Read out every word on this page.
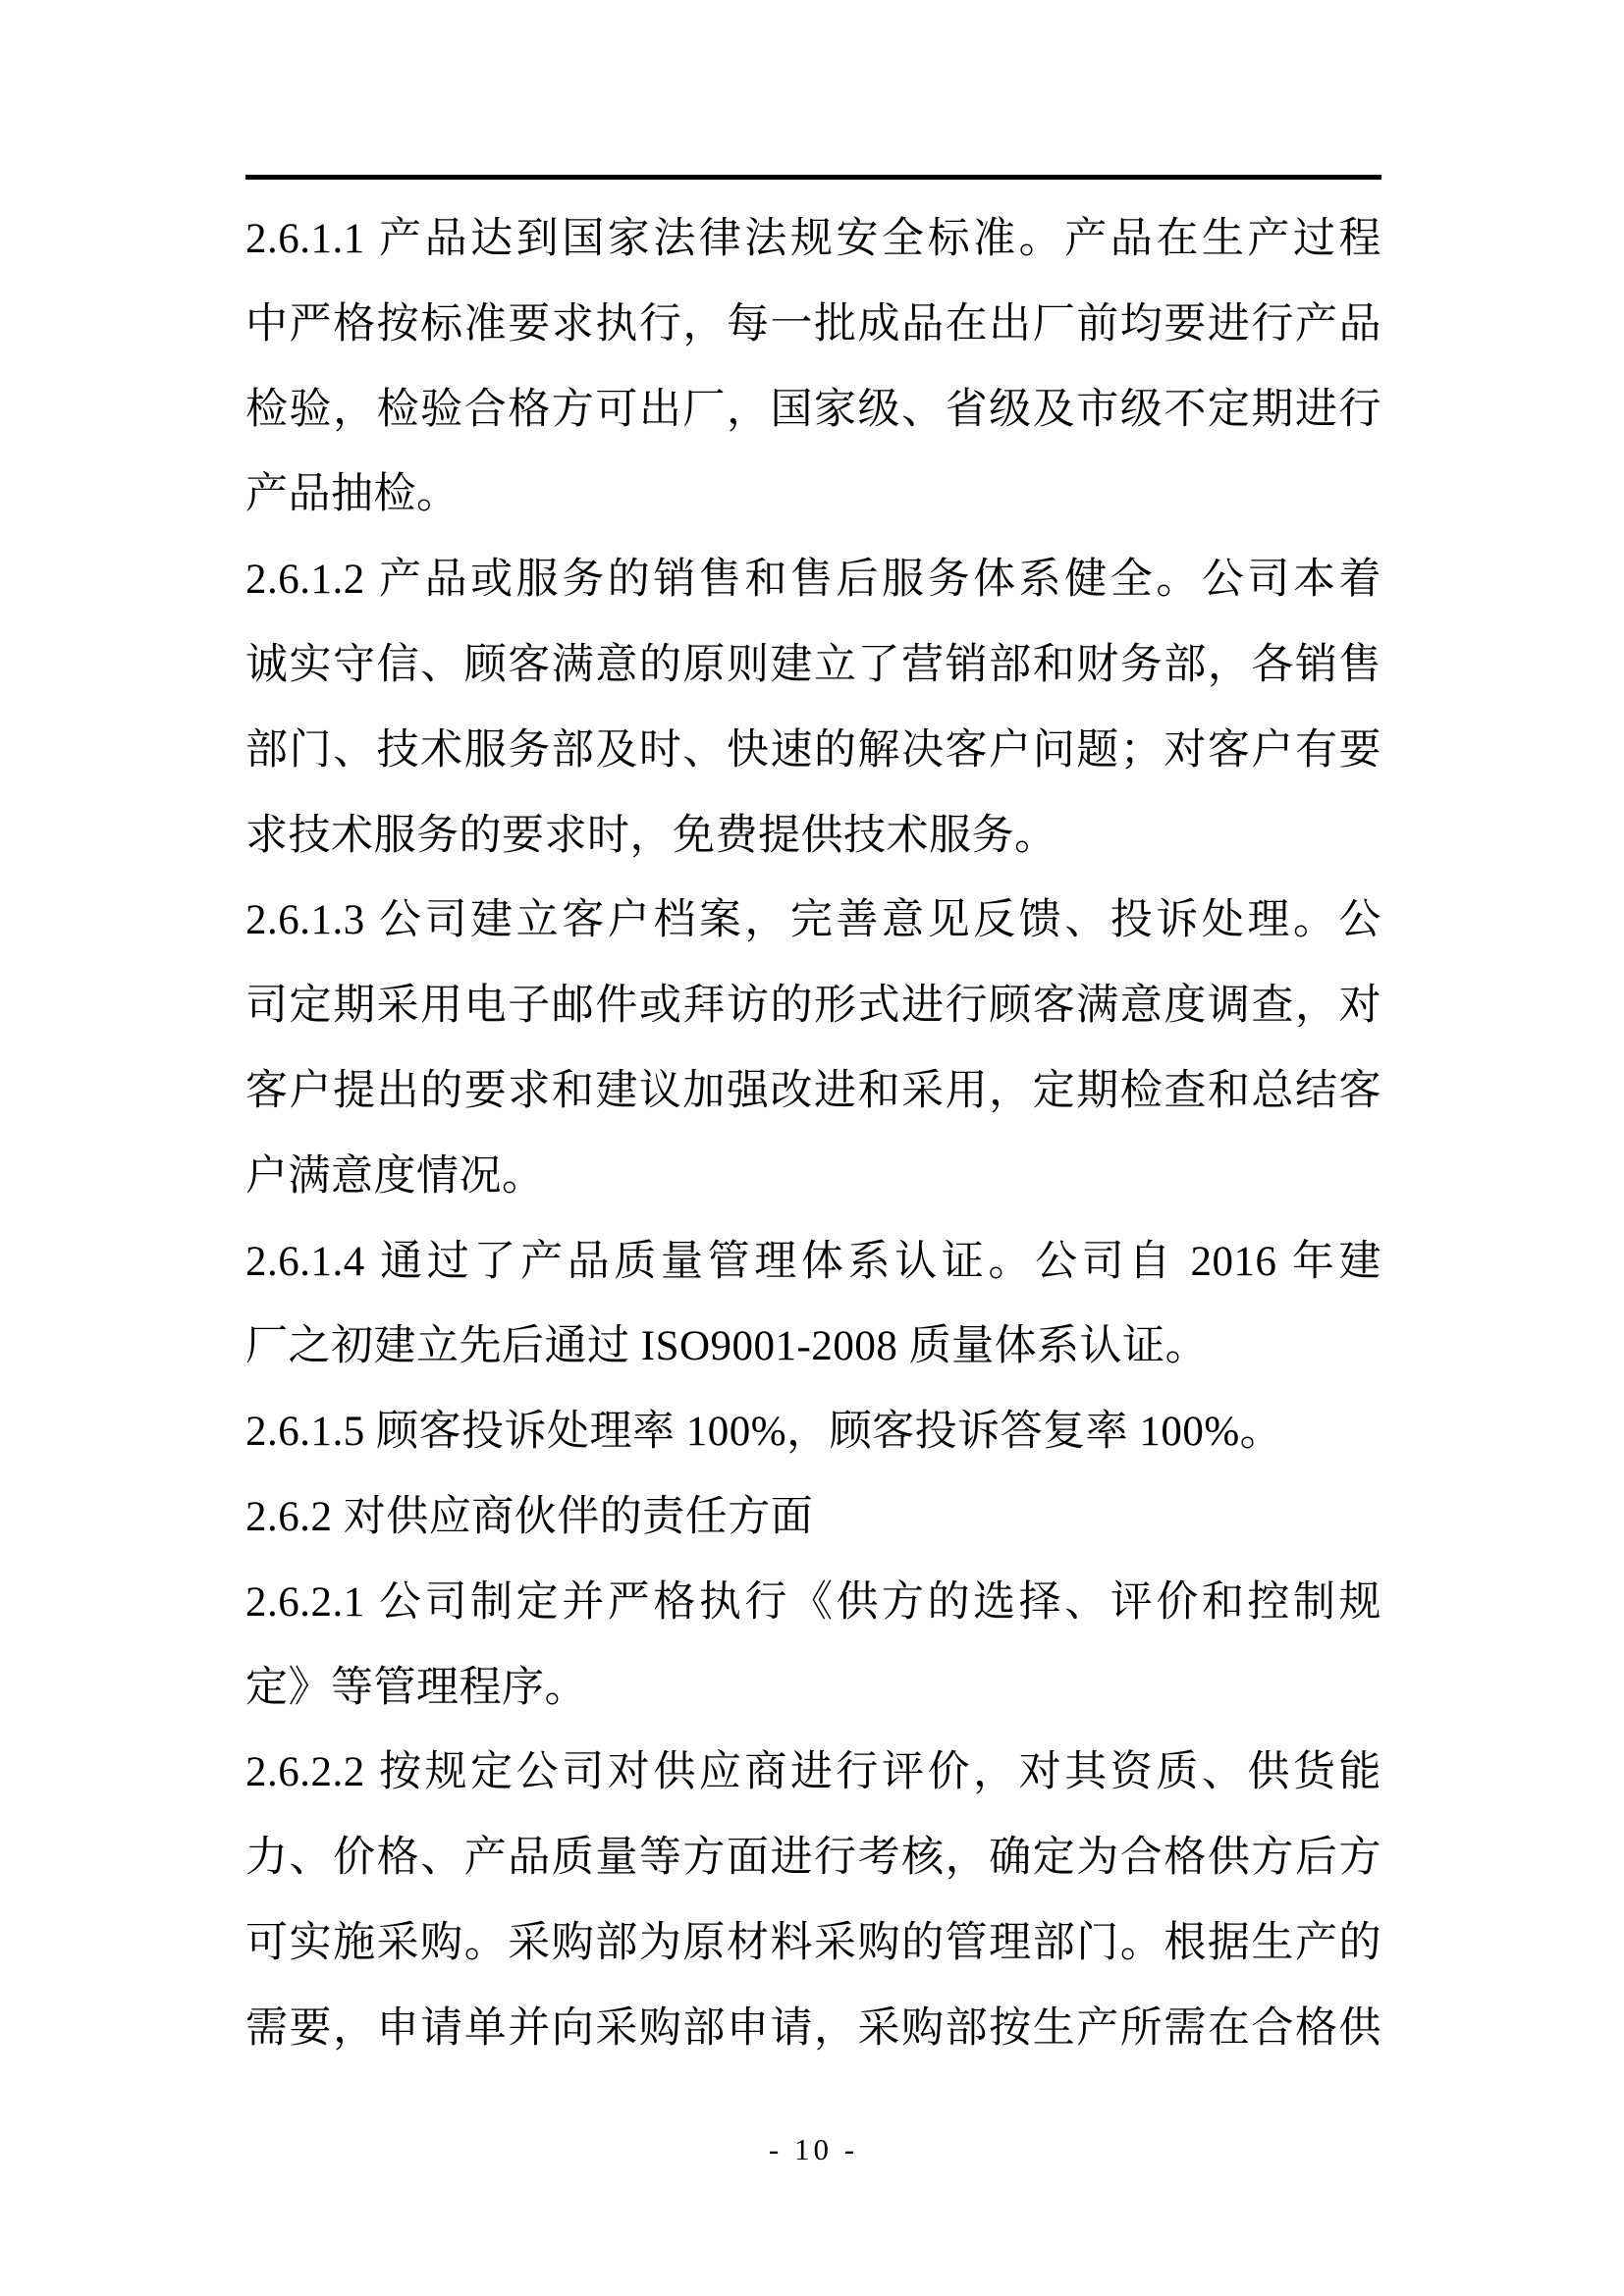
2.6.1.1 产品达到国家法律法规安全标准。产品在生产过程

中严格按标准要求执行，每一批成品在出厂前均要进行产品

检验，检验合格方可出厂，国家级、省级及市级不定期进行

产品抽检。

2.6.1.2 产品或服务的销售和售后服务体系健全。公司本着

诚实守信、顾客满意的原则建立了营销部和财务部，各销售

部门、技术服务部及时、快速的解决客户问题；对客户有要

求技术服务的要求时，免费提供技术服务。

2.6.1.3 公司建立客户档案，完善意见反馈、投诉处理。公

司定期采用电子邮件或拜访的形式进行顾客满意度调查，对

客户提出的要求和建议加强改进和采用，定期检查和总结客

户满意度情况。

2.6.1.4 通过了产品质量管理体系认证。公司自 2016 年建

厂之初建立先后通过 ISO9001-2008 质量体系认证。

2.6.1.5 顾客投诉处理率 100%，顾客投诉答复率 100%。

2.6.2 对供应商伙伴的责任方面

2.6.2.1 公司制定并严格执行《供方的选择、评价和控制规

定》等管理程序。

2.6.2.2 按规定公司对供应商进行评价，对其资质、供货能

力、价格、产品质量等方面进行考核，确定为合格供方后方

可实施采购。采购部为原材料采购的管理部门。根据生产的

需要，申请单并向采购部申请，采购部按生产所需在合格供

- 10 -
